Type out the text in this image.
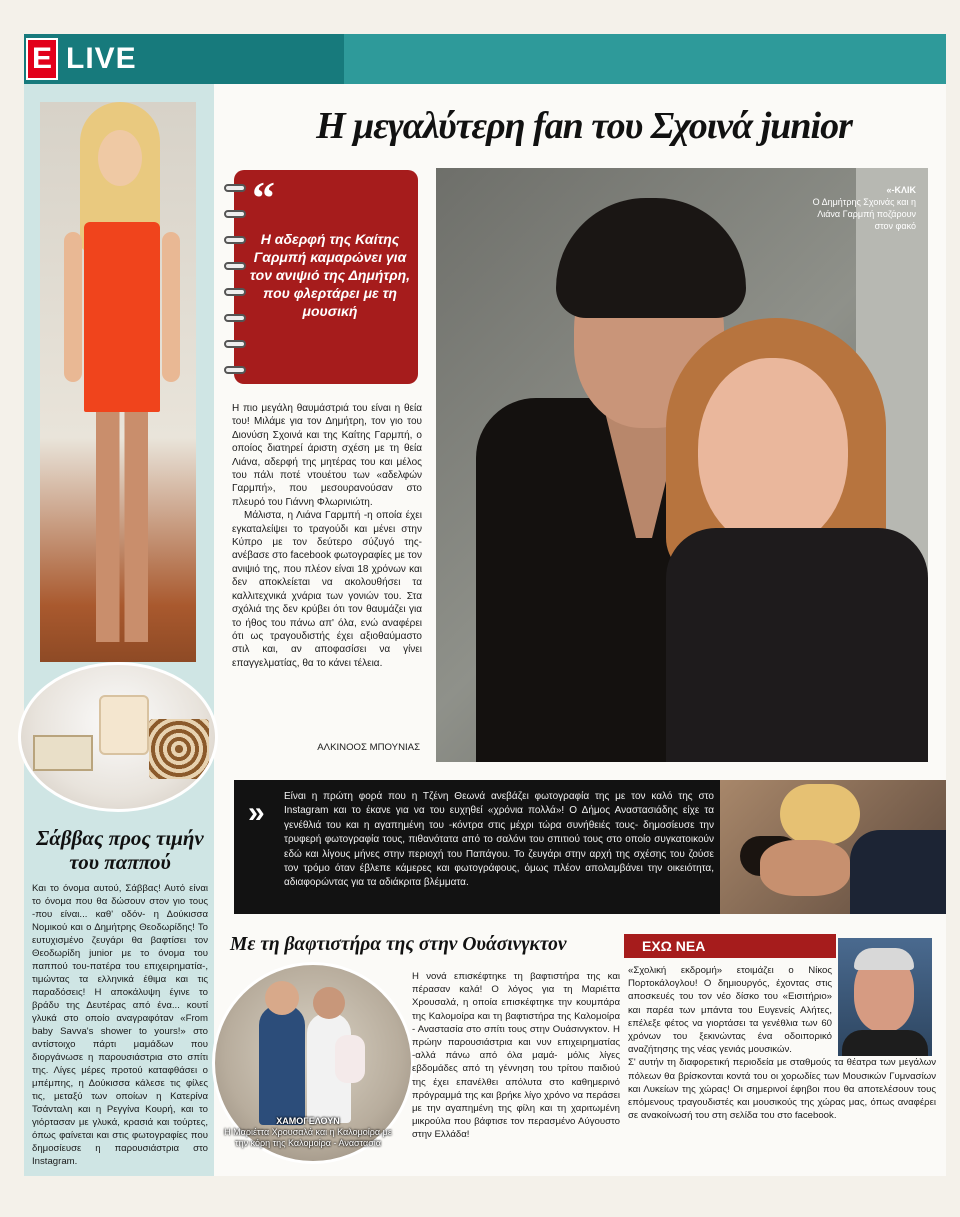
E LIVE
Σάββας προς τιμήν του παππού
Και το όνομα αυτού, Σάββας! Αυτό είναι το όνομα που θα δώσουν στον γιο τους -που είναι... καθ' οδόν- η Δούκισσα Νομικού και ο Δημήτρης Θεοδωρίδης! Το ευτυχισμένο ζευγάρι θα βαφτίσει τον Θεοδωρίδη junior με το όνομα του παππού του-πατέρα του επιχειρηματία-, τιμώντας τα ελληνικά έθιμα και τις παραδόσεις! Η αποκάλυψη έγινε το βράδυ της Δευτέρας από ένα... κουτί γλυκά στο οποίο αναγραφόταν «From baby Savva's shower to yours!» στο αντίστοιχο πάρτι μαμάδων που διοργάνωσε η παρουσιάστρια στο σπίτι της. Λίγες μέρες πρoτού καταφθάσει ο μπέμπης, η Δούκισσα κάλεσε τις φίλες τις, μεταξύ των οποίων η Κατερίνα Τσάνταλη και η Ρεγγίνα Κουρή, και το γιόρτασαν με γλυκά, κρασιά και τούρτες, όπως φαίνεται και στις φωτογραφίες που δημοσίευσε η παρουσιάστρια στο Instagram.
Η μεγαλύτερη fan του Σχοινά junior
“
Η αδερφή της Καίτης Γαρμπή καμαρώνει για τον ανιψιό της Δημήτρη, που φλερτάρει με τη μουσική

Η πιο μεγάλη θαυμάστριά του είναι η θεία του! Μιλάμε για τον Δημήτρη, τον γιο του Διονύση Σχοινά και της Καίτης Γαρμπή, ο οποίος διατηρεί άριστη σχέση με τη θεία Λιάνα, αδερφή της μητέρας του και μέλος του πάλι ποτέ ντουέτου των «αδελφών Γαρμπή», που μεσουρανούσαν στο πλευρό του Γιάννη Φλωρινιώτη.

Μάλιστα, η Λιάνα Γαρμπή -η οποία έχει εγκαταλείψει το τραγούδι και μένει στην Κύπρο με τον δεύτερο σύζυγό της- ανέβασε στο facebook φωτογραφίες με τον ανιψιό της, που πλέον είναι 18 χρόνων και δεν αποκλείεται να ακολουθήσει τα καλλιτεχνικά χνάρια των γονιών του. Στα σχόλιά της δεν κρύβει ότι τον θαυμάζει για το ήθος του πάνω απ' όλα, ενώ αναφέρει ότι ως τραγουδιστής έχει αξιοθαύμαστο στιλ και, αν αποφασίσει να γίνει επαγγελματίας, θα το κάνει τέλεια.

ΑΛΚΙΝΟΟΣ ΜΠΟΥΝΙΑΣ
«-ΚΛΙΚ
Ο Δημήτρης Σχοινάς και η Λιάνα Γαρμπή ποζάρουν στον φακό
» Είναι η πρώτη φορά που η Τζένη Θεωνά ανεβάζει φωτογραφία της με τον καλό της στο Instagram και το έκανε για να του ευχηθεί «χρόνια πολλά»! Ο Δήμος Αναστασιάδης είχε τα γενέθλιά του και η αγαπημένη του -κόντρα στις μέχρι τώρα συνήθειές τους- δημοσίευσε την τρυφερή φωτογραφία τους, πιθανότατα από το σαλόνι του σπιτιού τους στο οποίο συγκατοικούν εδώ και λίγους μήνες στην περιοχή του Παπάγου. Το ζευγάρι στην αρχή της σχέσης του ζούσε τον τρόμο όταν έβλεπε κάμερες και φωτογράφους, όμως πλέον απολαμβάνει την οικειότητα, αδιαφορώντας για τα αδιάκριτα βλέμματα.
Με τη βαφτιστήρα της στην Ουάσινγκτον
ΧΑΜΟΓΕΛΟΥΝ
Η Μαριέττα Χρουσαλά και η Καλομοίρα με την κόρη της Καλομοίρα - Αναστασία
Η νονά επισκέφτηκε τη βαφτιστήρα της και πέρασαν καλά! Ο λόγος για τη Μαριέττα Χρουσαλά, η οποία επισκέφτηκε την κουμπάρα της Καλομοίρα και τη βαφτιστήρα της Καλομοίρα - Αναστασία στο σπίτι τους στην Ουάσινγκτον. Η πρώην παρουσιάστρια και νυν επιχειρηματίας -αλλά πάνω από όλα μαμά- μόλις λίγες εβδομάδες από τη γέννηση του τρίτου παιδιού της έχει επανέλθει απόλυτα στο καθημερινό πρόγραμμά της και βρήκε λίγο χρόνο να περάσει με την αγαπημένη της φίλη και τη χαριτωμένη μικρούλα που βάφτισε τον περασμένο Αύγουστο στην Ελλάδα!
ΕΧΩ ΝΕΑ
«Σχολική εκδρομή» ετοιμάζει ο Νίκος Πορτοκάλογλου! Ο δημιουργός, έχοντας στις αποσκευές του τον νέο δίσκο του «Εισιτήριο» και παρέα των μπάντα του Ευγενείς Αλήτες, επέλεξε φέτος να γιορτάσει τα γενέθλια των 60 χρόνων του ξεκινώντας ένα οδοιπορικό αναζήτησης της νέας γενιάς μουσικών.
Σ' αυτήν τη διαφορετική περιοδεία με σταθμούς τα θέατρα των μεγάλων πόλεων θα βρίσκονται κοντά του οι χορωδίες των Μουσικών Γυμνασίων και Λυκείων της χώρας! Οι σημερινοί έφηβοι που θα αποτελέσουν τους επόμενους τραγουδιστές και μουσικούς της χώρας μας, όπως αναφέρει σε ανακοίνωσή του στη σελίδα του στο facebook.
